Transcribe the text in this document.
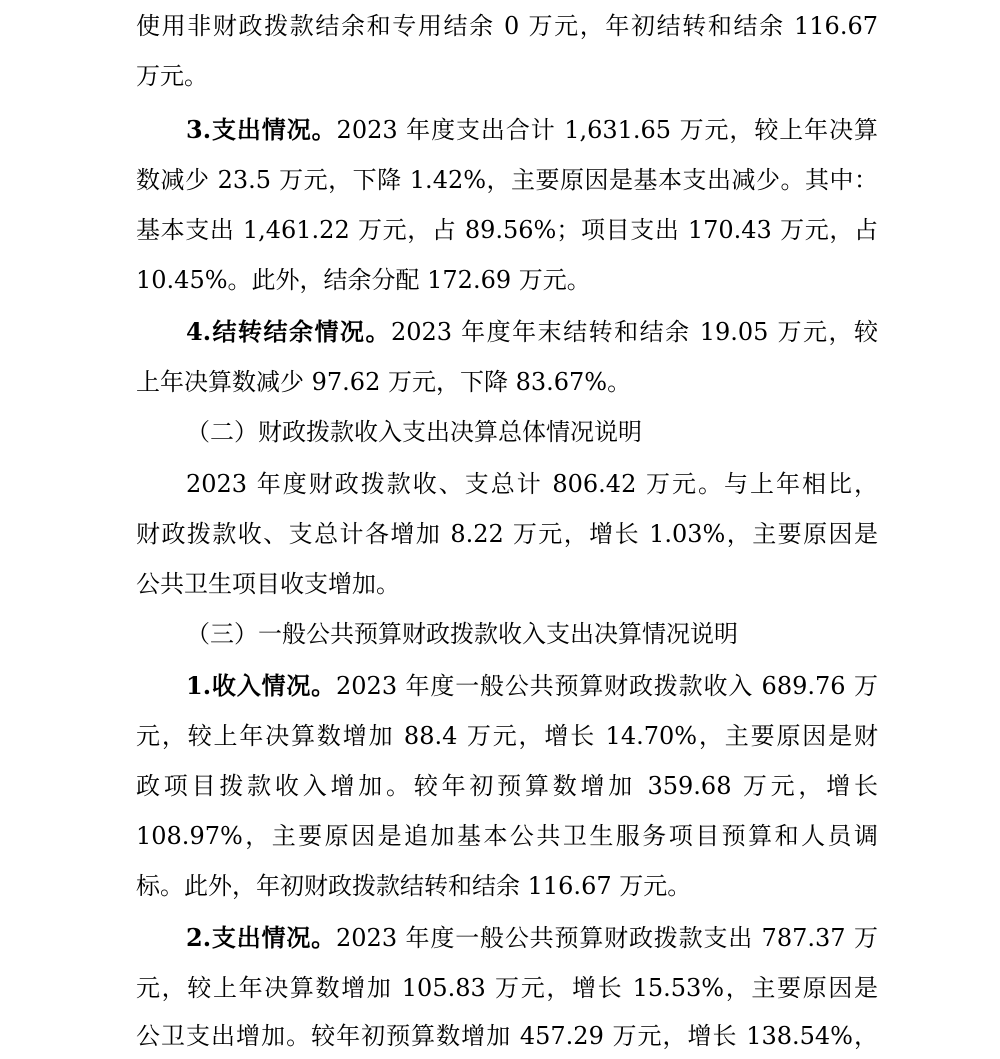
使用非财政拨款结余和专用结余 0 万元，年初结转和结余 116.67
万元。
3.支出情况。2023 年度支出合计 1,631.65 万元，较上年决算
数减少 23.5 万元，下降 1.42%，主要原因是基本支出减少。其中：
基本支出 1,461.22 万元，占 89.56%；项目支出 170.43 万元，占
10.45%。此外，结余分配 172.69 万元。
4.结转结余情况。2023 年度年末结转和结余 19.05 万元，较
上年决算数减少 97.62 万元，下降 83.67%。
（二）财政拨款收入支出决算总体情况说明
2023 年度财政拨款收、支总计 806.42 万元。与上年相比，
财政拨款收、支总计各增加 8.22 万元，增长 1.03%，主要原因是
公共卫生项目收支增加。
（三）一般公共预算财政拨款收入支出决算情况说明
1.收入情况。2023 年度一般公共预算财政拨款收入 689.76 万
元，较上年决算数增加 88.4 万元，增长 14.70%，主要原因是财
政项目拨款收入增加。较年初预算数增加 359.68 万元，增长
108.97%，主要原因是追加基本公共卫生服务项目预算和人员调
标。此外，年初财政拨款结转和结余 116.67 万元。
2.支出情况。2023 年度一般公共预算财政拨款支出 787.37 万
元，较上年决算数增加 105.83 万元，增长 15.53%，主要原因是
公卫支出增加。较年初预算数增加 457.29 万元，增长 138.54%，
